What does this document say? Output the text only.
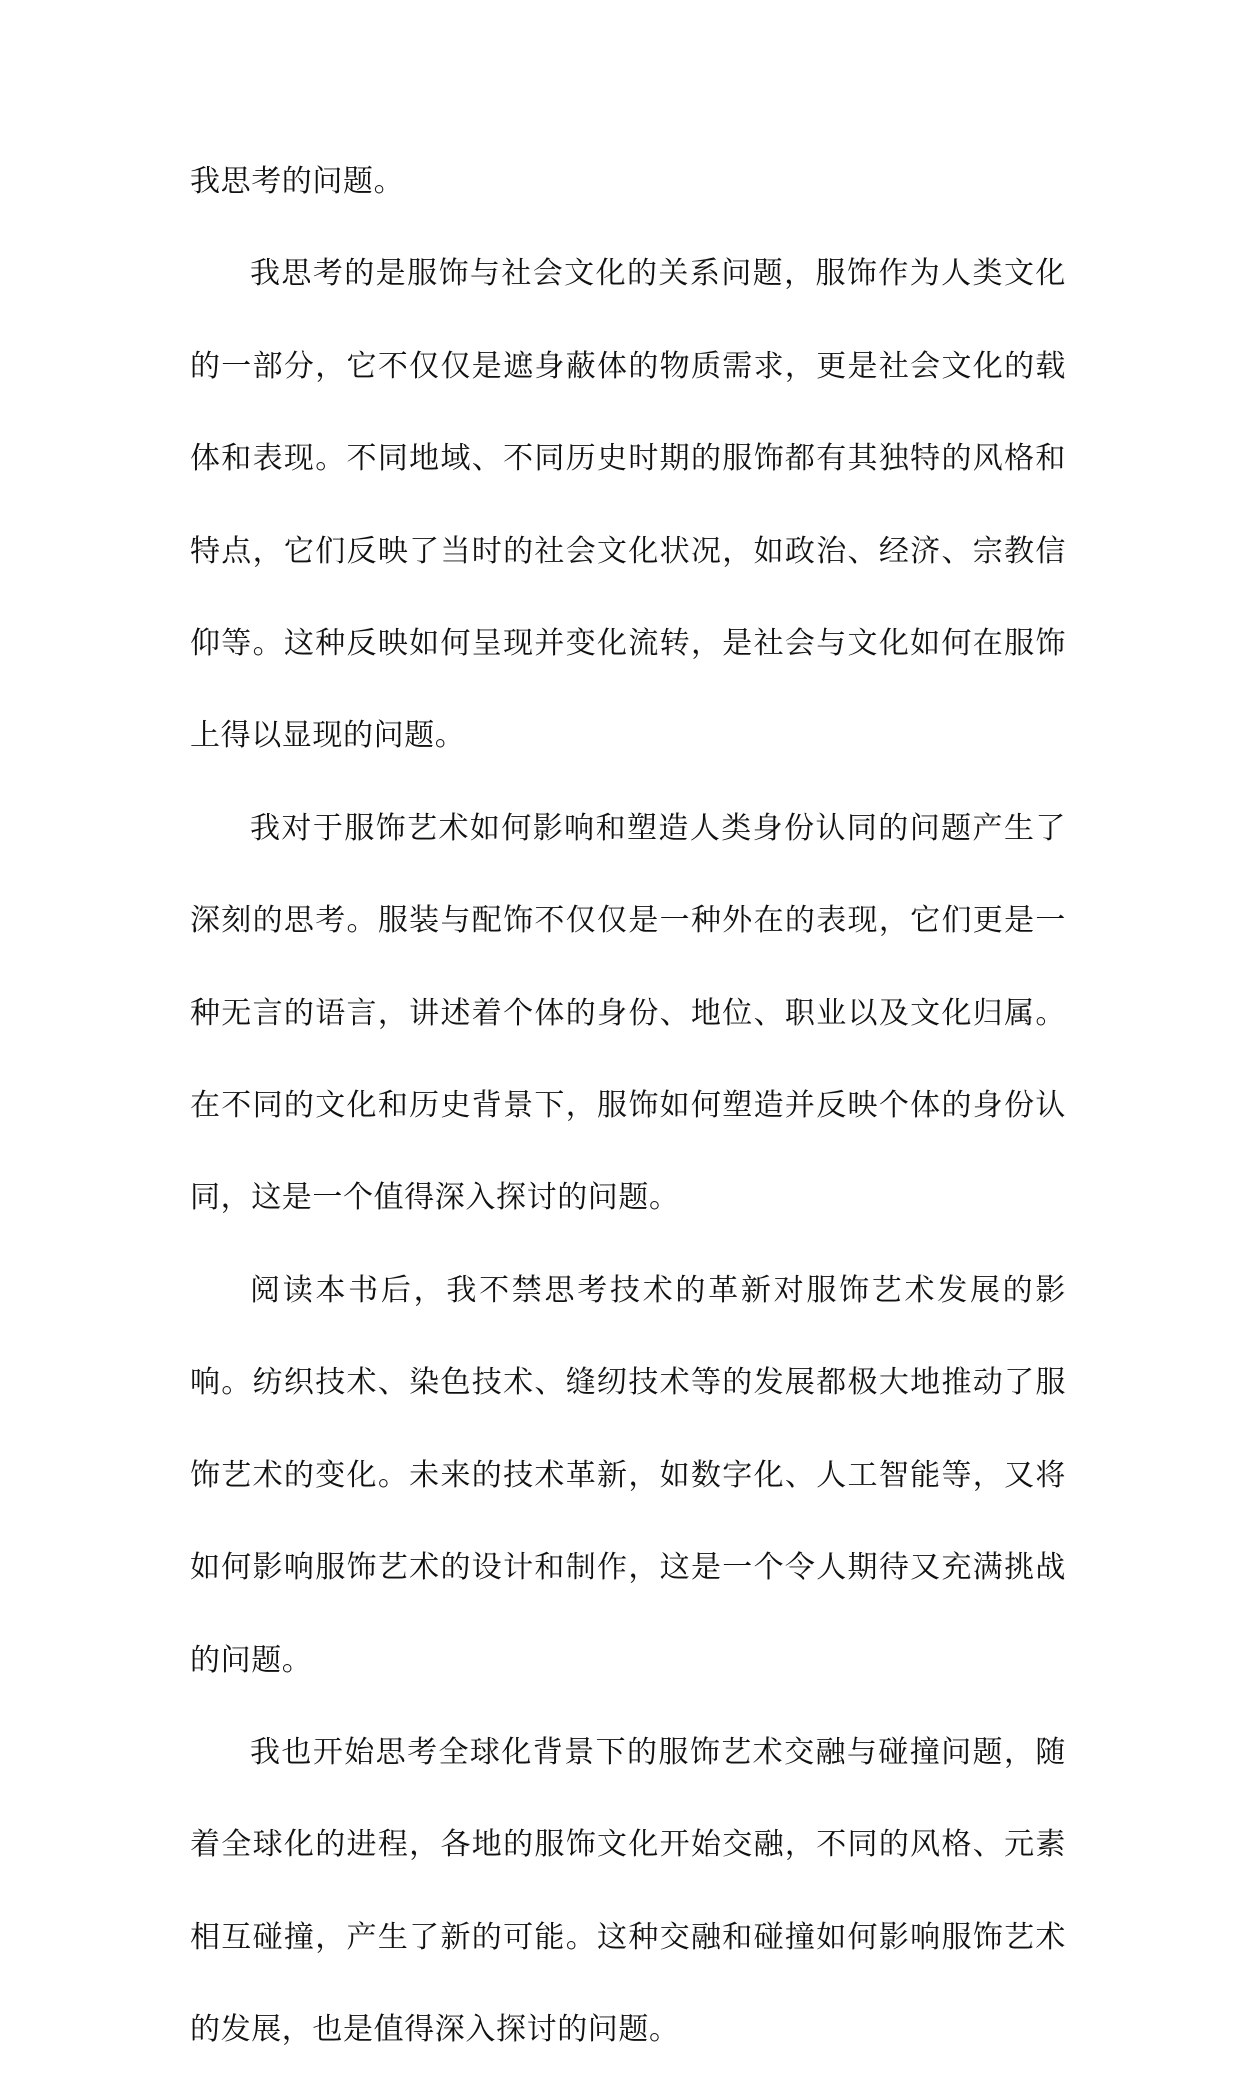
我思考的问题。

我思考的是服饰与社会文化的关系问题，服饰作为人类文化的一部分，它不仅仅是遮身蔽体的物质需求，更是社会文化的载体和表现。不同地域、不同历史时期的服饰都有其独特的风格和特点，它们反映了当时的社会文化状况，如政治、经济、宗教信仰等。这种反映如何呈现并变化流转，是社会与文化如何在服饰上得以显现的问题。

我对于服饰艺术如何影响和塑造人类身份认同的问题产生了深刻的思考。服装与配饰不仅仅是一种外在的表现，它们更是一种无言的语言，讲述着个体的身份、地位、职业以及文化归属。在不同的文化和历史背景下，服饰如何塑造并反映个体的身份认同，这是一个值得深入探讨的问题。

阅读本书后，我不禁思考技术的革新对服饰艺术发展的影响。纺织技术、染色技术、缝纫技术等的发展都极大地推动了服饰艺术的变化。未来的技术革新，如数字化、人工智能等，又将如何影响服饰艺术的设计和制作，这是一个令人期待又充满挑战的问题。

我也开始思考全球化背景下的服饰艺术交融与碰撞问题，随着全球化的进程，各地的服饰文化开始交融，不同的风格、元素相互碰撞，产生了新的可能。这种交融和碰撞如何影响服饰艺术的发展，也是值得深入探讨的问题。
